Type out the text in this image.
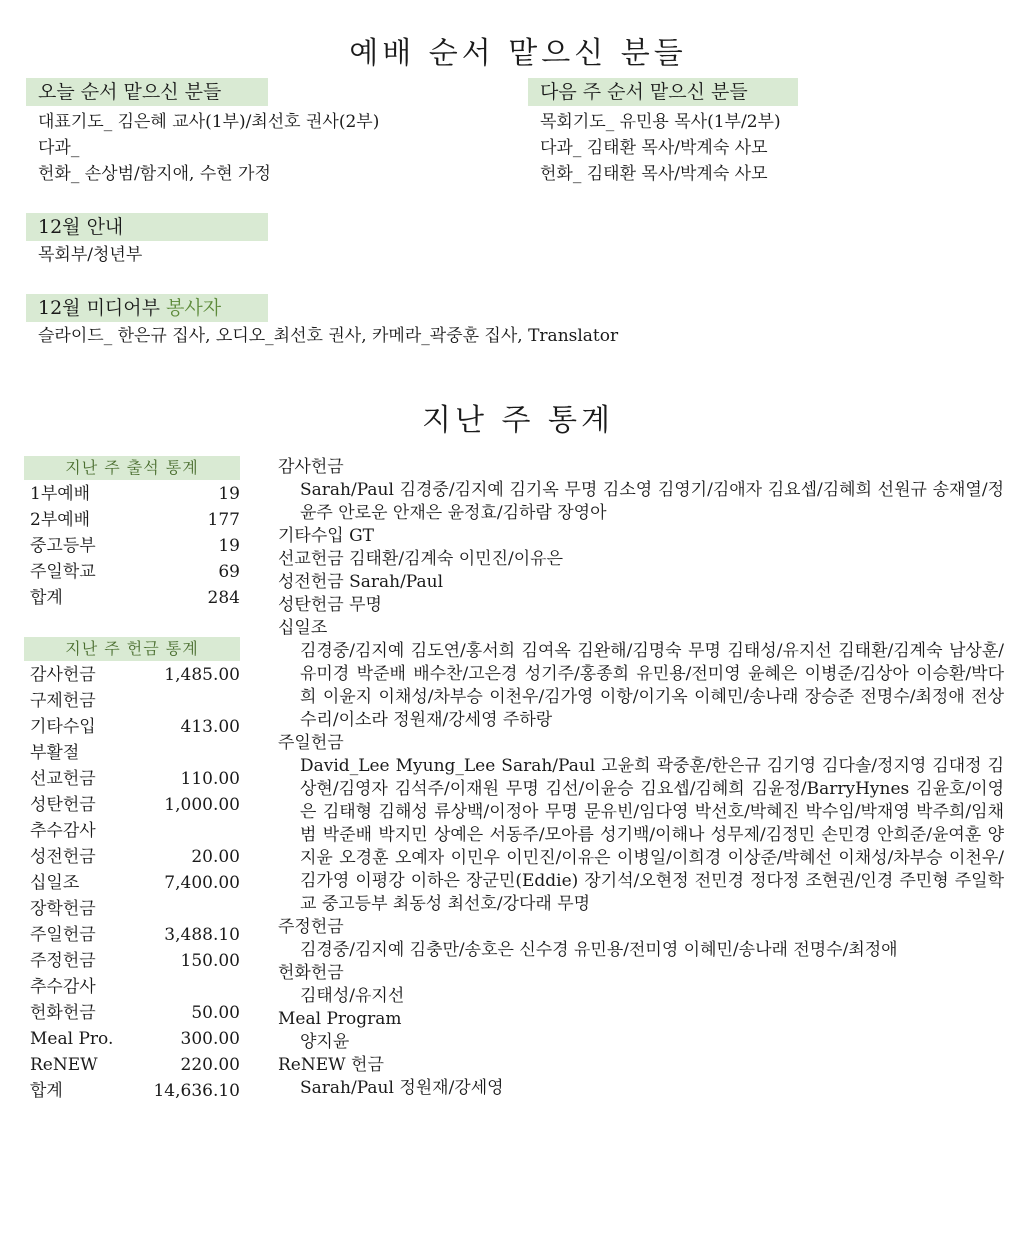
예배 순서 맡으신 분들
오늘 순서 맡으신 분들
대표기도_ 김은혜 교사(1부)/최선호 권사(2부)
다과_
헌화_ 손상범/함지애, 수현 가정
다음 주 순서 맡으신 분들
목회기도_ 유민용 목사(1부/2부)
다과_ 김태환 목사/박계숙 사모
헌화_ 김태환 목사/박계숙 사모
12월 안내
목회부/청년부
12월 미디어부 봉사자
슬라이드_ 한은규 집사, 오디오_최선호 권사, 카메라_곽중훈 집사, Translator
지난 주 통계
지난 주 출석 통계
1부예배	19
2부예배	177
중고등부	19
주일학교	69
합계	284
지난 주 헌금 통계
감사헌금	1,485.00
구제헌금
기타수입	413.00
부활절
선교헌금	110.00
성탄헌금	1,000.00
추수감사
성전헌금	20.00
십일조	7,400.00
장학헌금
주일헌금	3,488.10
주정헌금	150.00
추수감사
헌화헌금	50.00
Meal Pro.	300.00
ReNEW	220.00
합계	14,636.10
감사헌금
Sarah/Paul 김경중/김지예 김기옥 무명 김소영 김영기/김애자 김요셉/김혜희 선원규 송재열/정윤주 안로운 안재은 윤정효/김하람 장영아
기타수입 GT
선교헌금 김태환/김계숙 이민진/이유은
성전헌금 Sarah/Paul
성탄헌금 무명
십일조
김경중/김지예 김도연/홍서희 김여옥 김완해/김명숙 무명 김태성/유지선 김태환/김계숙 남상훈/유미경 박준배 배수찬/고은경 성기주/홍종희 유민용/전미영 윤혜은 이병준/김상아 이승환/박다희 이윤지 이채성/차부승 이천우/김가영 이항/이기옥 이혜민/송나래 장승준 전명수/최정애 전상수리/이소라 정원재/강세영 주하랑
주일헌금
David_Lee Myung_Lee Sarah/Paul 고윤희 곽중훈/한은규 김기영 김다솔/정지영 김대정 김상현/김영자 김석주/이재원 무명 김선/이윤승 김요셉/김혜희 김윤정/BarryHynes 김윤호/이영은 김태형 김해성 류상백/이정아 무명 문유빈/임다영 박선호/박혜진 박수임/박재영 박주희/임채범 박준배 박지민 상예은 서동주/모아름 성기백/이해나 성무제/김정민 손민경 안희준/윤여훈 양지윤 오경훈 오예자 이민우 이민진/이유은 이병일/이희경 이상준/박혜선 이채성/차부승 이천우/김가영 이평강 이하은 장군민(Eddie) 장기석/오현정 전민경 정다정 조현권/인경 주민형 주일학교 중고등부 최동성 최선호/강다래 무명
주정헌금
김경중/김지예 김충만/송호은 신수경 유민용/전미영 이혜민/송나래 전명수/최정애
헌화헌금
김태성/유지선
Meal Program
양지윤
ReNEW 헌금
Sarah/Paul 정원재/강세영
